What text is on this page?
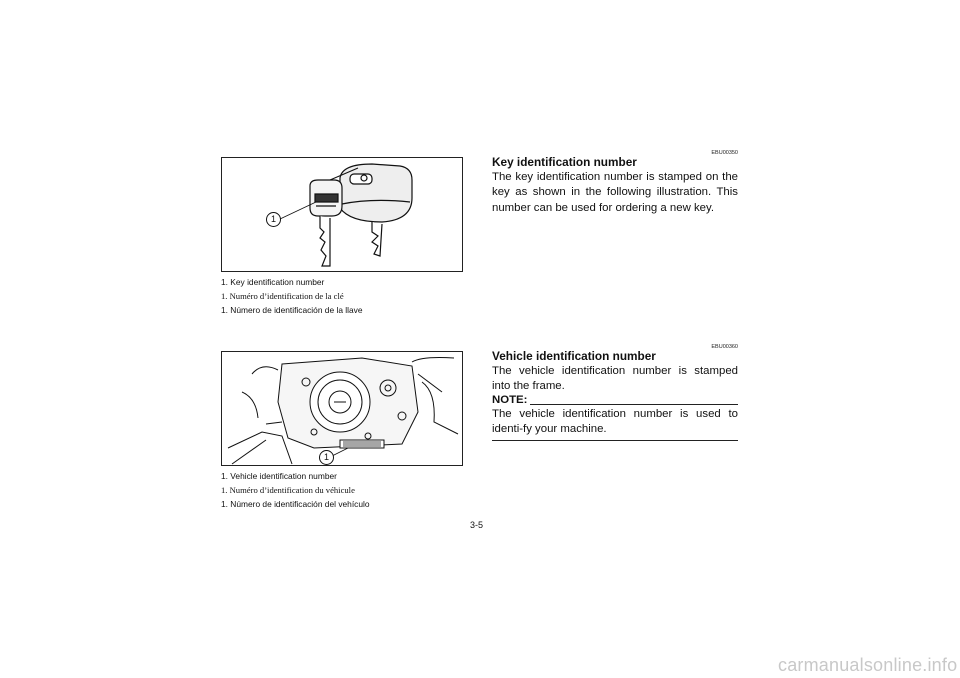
1
1. Key identification number
1. Numéro d’identification de la clé
1. Número de identificación de la llave
1
1. Vehicle identification number
1. Numéro d’identification du véhicule
1. Número de identificación del vehículo
EBU00350
Key identification number
The key identification number is stamped on the key as shown in the following illustration. This number can be used for ordering a new key.
EBU00360
Vehicle identification number
The vehicle identification number is stamped into the frame.
NOTE:
The vehicle identification number is used to identi-fy your machine.
3-5
carmanualsonline.info
